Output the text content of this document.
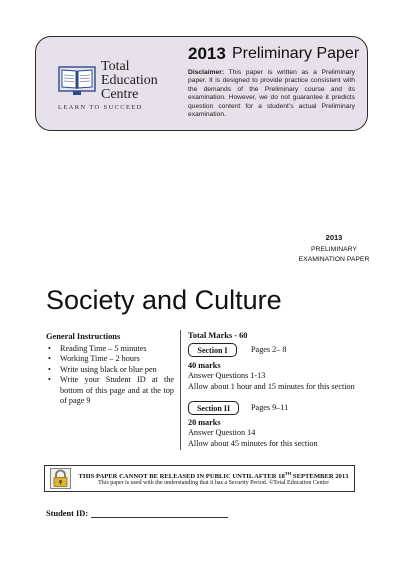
Total
Education
Centre
LEARN TO SUCCEED
2013 Preliminary Paper
Disclaimer: This paper is written as a Preliminary paper. It is designed to provide practice consistent with the demands of the Preliminary course and its examination. However, we do not guarantee it predicts question content for a student’s actual Preliminary examination.
2013
PRELIMINARY
EXAMINATION PAPER
Society and Culture
General Instructions
• Reading Time – 5 minutes
• Working Time – 2 hours
• Write using black or blue pen
• Write your Student ID at the bottom of this page and at the top of page 9
Total Marks - 60
Section I	Pages 2– 8
40 marks
Answer Questions 1-13
Allow about 1 hour and 15 minutes for this section
Section II	Pages 9–11
20 marks
Answer Question 14
Allow about 45 minutes for this section
THIS PAPER CANNOT BE RELEASED IN PUBLIC UNTIL AFTER 18TH SEPTEMBER 2013
This paper is used with the understanding that it has a Security Period. ©Total Education Centre
Student ID:
